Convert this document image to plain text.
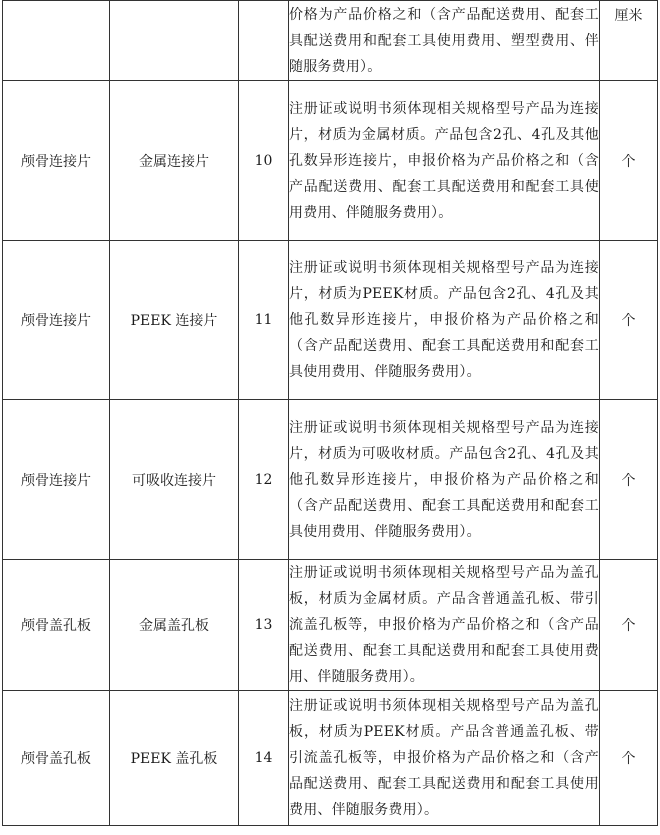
			价格为产品价格之和（含产品配送费用、配套工具配送费用和配套工具使用费用、塑型费用、伴随服务费用）。	厘米
颅骨连接片	金属连接片	10	注册证或说明书须体现相关规格型号产品为连接片，材质为金属材质。产品包含2孔、4孔及其他孔数异形连接片，申报价格为产品价格之和（含产品配送费用、配套工具配送费用和配套工具使用费用、伴随服务费用）。	个
颅骨连接片	PEEK 连接片	11	注册证或说明书须体现相关规格型号产品为连接片，材质为PEEK材质。产品包含2孔、4孔及其他孔数异形连接片，申报价格为产品价格之和（含产品配送费用、配套工具配送费用和配套工具使用费用、伴随服务费用）。	个
颅骨连接片	可吸收连接片	12	注册证或说明书须体现相关规格型号产品为连接片，材质为可吸收材质。产品包含2孔、4孔及其他孔数异形连接片，申报价格为产品价格之和（含产品配送费用、配套工具配送费用和配套工具使用费用、伴随服务费用）。	个
颅骨盖孔板	金属盖孔板	13	注册证或说明书须体现相关规格型号产品为盖孔板，材质为金属材质。产品含普通盖孔板、带引流盖孔板等，申报价格为产品价格之和（含产品配送费用、配套工具配送费用和配套工具使用费用、伴随服务费用）。	个
颅骨盖孔板	PEEK 盖孔板	14	注册证或说明书须体现相关规格型号产品为盖孔板，材质为PEEK材质。产品含普通盖孔板、带引流盖孔板等，申报价格为产品价格之和（含产品配送费用、配套工具配送费用和配套工具使用费用、伴随服务费用）。	个
